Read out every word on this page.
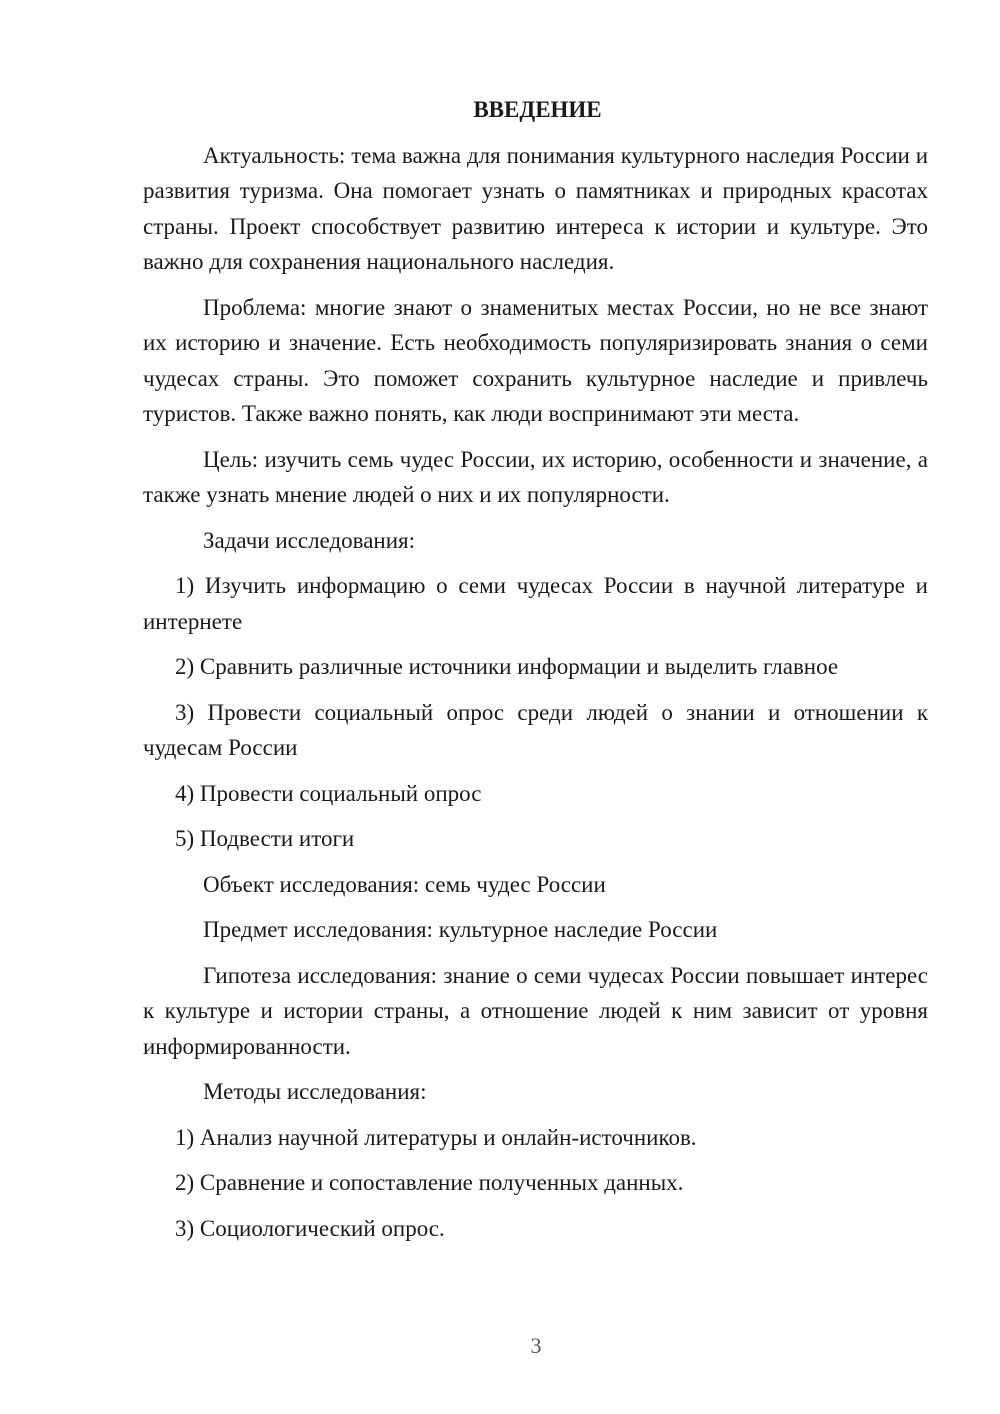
ВВЕДЕНИЕ

Актуальность: тема важна для понимания культурного наследия России и развития туризма. Она помогает узнать о памятниках и природных красотах страны. Проект способствует развитию интереса к истории и культуре. Это важно для сохранения национального наследия.

Проблема: многие знают о знаменитых местах России, но не все знают их историю и значение. Есть необходимость популяризировать знания о семи чудесах страны. Это поможет сохранить культурное наследие и привлечь туристов. Также важно понять, как люди воспринимают эти места.

Цель: изучить семь чудес России, их историю, особенности и значение, а также узнать мнение людей о них и их популярности.

Задачи исследования:

1) Изучить информацию о семи чудесах России в научной литературе и интернете

2) Сравнить различные источники информации и выделить главное

3) Провести социальный опрос среди людей о знании и отношении к чудесам России

4) Провести социальный опрос

5) Подвести итоги

Объект исследования: семь чудес России

Предмет исследования: культурное наследие России

Гипотеза исследования: знание о семи чудесах России повышает интерес к культуре и истории страны, а отношение людей к ним зависит от уровня информированности.

Методы исследования:

1) Анализ научной литературы и онлайн-источников.

2) Сравнение и сопоставление полученных данных.

3) Социологический опрос.

3
